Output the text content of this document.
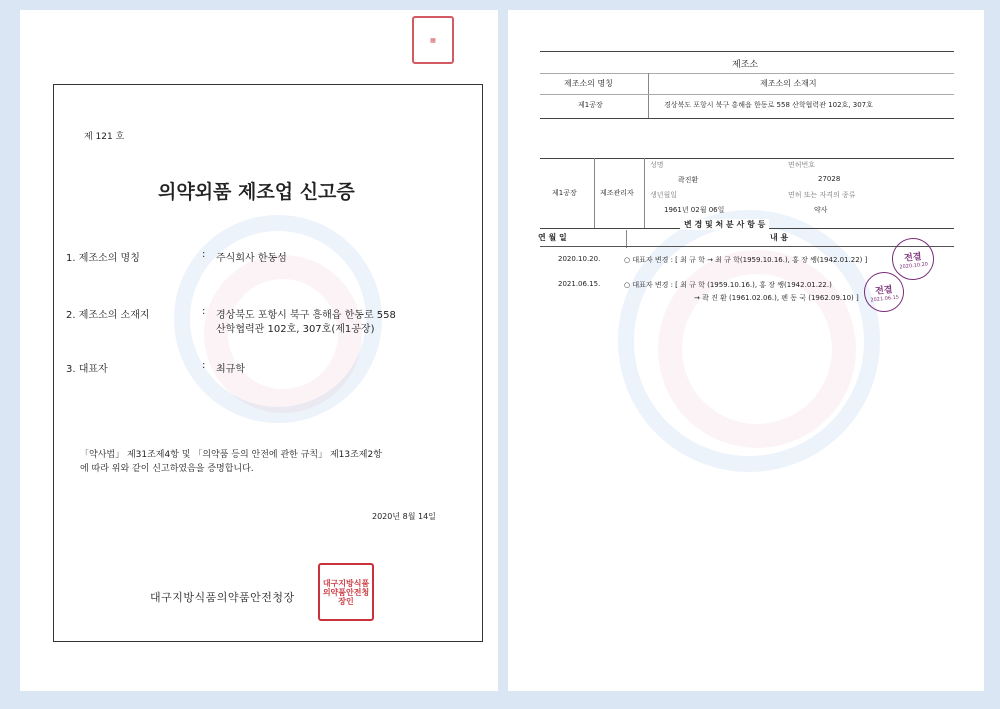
▦
제 121 호
의약외품 제조업 신고증
1. 제조소의 명칭	: 주식회사 한동섬
2. 제조소의 소재지	: 경상북도 포항시 북구 흥해읍 한동로 558
산학협력관 102호, 307호(제1공장)
3. 대표자	: 최규학
「약사법」 제31조제4항 및 「의약품 등의 안전에 관한 규칙」 제13조제2항
에 따라 위와 같이 신고하였음을 증명합니다.
2020년 8월 14일
대구지방식품의약품안전청장
대구지방식품의약품안전청장인
제조소
제조소의 명칭	제조소의 소재지
제1공장	경상북도 포항시 북구 흥해읍 한동로 558 산학협력관 102호, 307호
제1공장	제조관리자
성명
곽진환
면허번호
27028
생년월일
1961년 02월 06일
면허 또는 자격의 종류
약사
변 경 및 처 분 사 항 등
연 월 일	내 용
2020.10.20.	○ 대표자 변경 : [ 최 규 학 → 최 규 학(1959.10.16.), 홍 장 쌩(1942.01.22) ]
2021.06.15.	○ 대표자 변경 : [ 최 규 학 (1959.10.16.), 홍 장 쌩(1942.01.22.)
→ 곽 진 환 (1961.02.06.), 펜 동 국 (1962.09.10) ]
전결
2020.10.20
전결
2021.06.15
